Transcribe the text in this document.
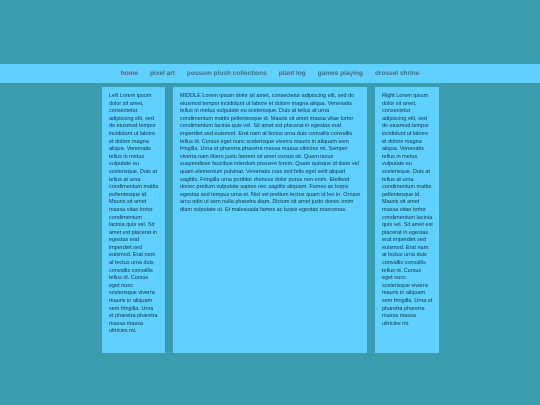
home pixel art possum plush collections plant log games playing drossel shrine
Left Lorem ipsum dolor sit amet, consectetur adipiscing elit, sed do eiusmod tempor incididunt ut labore et dolore magna aliqua. Venenatis tellus in metus vulputate eu scelerisque. Duis at tellus at urna condimentum mattis pellentesque id. Mauris sit amet massa vitae tortor condimentum lacinia quis vel. Sit amet est placerat in egestas erat imperdiet sed euismod. Erat nam at lectus urna duis convallis convallis tellus id. Cursus eget nunc scelerisque viverra mauris in aliquam sem fringilla. Urna et pharetra pharetra massa massa ultricies mi.
MIDDLE Lorem ipsum dolor sit amet, consectetur adipiscing elit, sed do eiusmod tempor incididunt ut labore et dolore magna aliqua. Venenatis tellus in metus vulputate eu scelerisque. Duis at tellus at urna condimentum mattis pellentesque id. Mauris sit amet massa vitae tortor condimentum lacinia quis vel. Sit amet est placerat in egestas erat imperdiet sed euismod. Erat nam at lectus urna duis convallis convallis tellus id. Cursus eget nunc scelerisque viverra mauris in aliquam sem fringilla. Urna et pharetra pharetra massa massa ultricies mi. Semper viverra nam libero justo laoreet sit amet cursus sit. Quam lacus suspendisse faucibus interdum posuere lorem. Quam quisque id diam vel quam elementum pulvinar. Venenatis cras sed felis eget velit aliquet sagittis. Fringilla urna porttitor rhoncus dolor purus non enim. Eleifend donec pretium vulputate sapien nec sagittis aliquam. Fames ac turpis egestas sed tempus urna et. Nisl vel pretium lectus quam id leo in. Ornare arcu odio ut sem nulla pharetra diam. Dictum sit amet justo donec enim diam vulputate ut. Et malesuada fames ac turpis egestas maecenas.
Right Lorem ipsum dolor sit amet, consectetur adipiscing elit, sed do eiusmod tempor incididunt ut labore et dolore magna aliqua. Venenatis tellus in metus vulputate eu scelerisque. Duis at tellus at urna condimentum mattis pellentesque id. Mauris sit amet massa vitae tortor condimentum lacinia quis vel. Sit amet est placerat in egestas erat imperdiet sed euismod. Erat nam at lectus urna duis convallis convallis tellus id. Cursus eget nunc scelerisque viverra mauris in aliquam sem fringilla. Urna et pharetra pharetra massa massa ultricies mi.
